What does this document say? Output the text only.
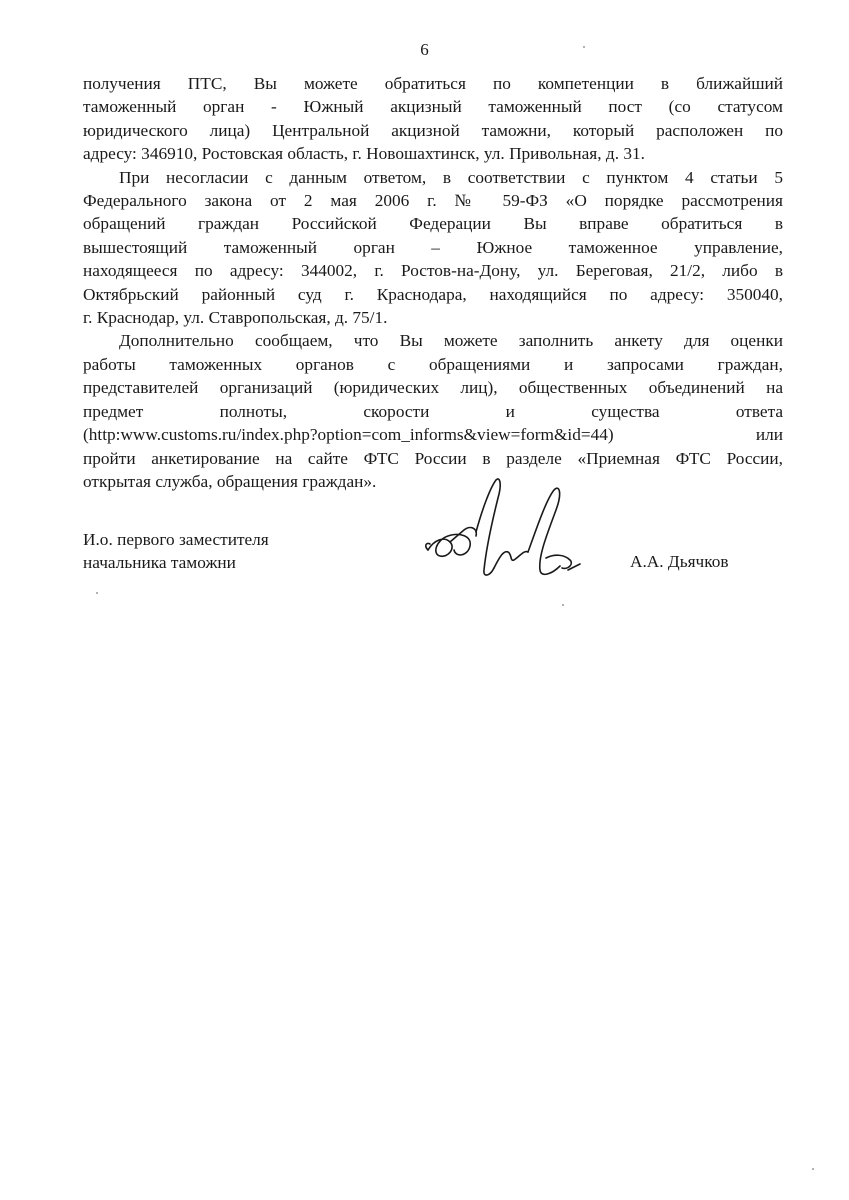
6

получения ПТС, Вы можете обратиться по компетенции в ближайший
таможенный орган - Южный акцизный таможенный пост (со статусом
юридического лица) Центральной акцизной таможни, который расположен по
адресу: 346910, Ростовская область, г. Новошахтинск, ул. Привольная, д. 31.

При несогласии с данным ответом, в соответствии с пунктом 4 статьи 5
Федерального закона от 2 мая 2006 г. № 59-ФЗ «О порядке рассмотрения
обращений граждан Российской Федерации Вы вправе обратиться в
вышестоящий таможенный орган – Южное таможенное управление,
находящееся по адресу: 344002, г. Ростов-на-Дону, ул. Береговая, 21/2, либо в
Октябрьский районный суд г. Краснодара, находящийся по адресу: 350040,
г. Краснодар, ул. Ставропольская, д. 75/1.

Дополнительно сообщаем, что Вы можете заполнить анкету для оценки
работы таможенных органов с обращениями и запросами граждан,
представителей организаций (юридических лиц), общественных объединений на
предмет полноты, скорости и существа ответа
(http:www.customs.ru/index.php?option=com_informs&view=form&id=44) или
пройти анкетирование на сайте ФТС России в разделе «Приемная ФТС России,
открытая служба, обращения граждан».

И.о. первого заместителя
начальника таможни	А.А. Дьячков
